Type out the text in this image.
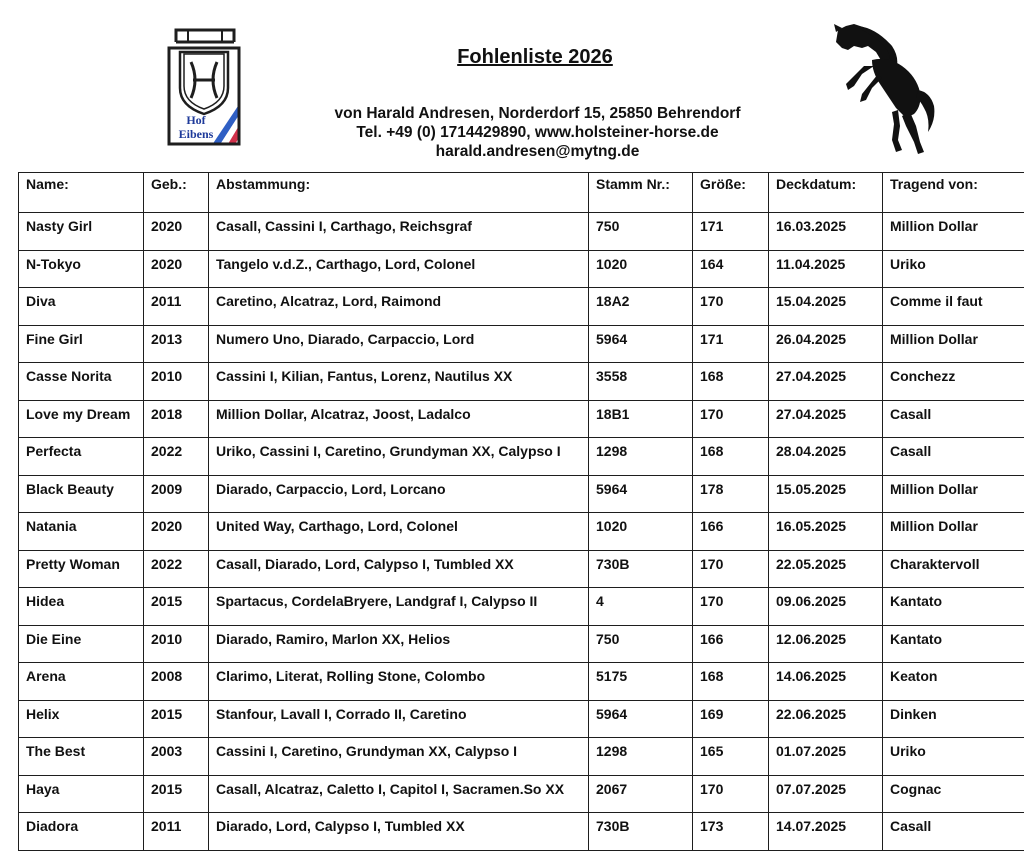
Hof
Eibens
Fohlenliste 2026
von Harald Andresen, Norderdorf 15, 25850 Behrendorf
Tel. +49 (0) 1714429890, www.holsteiner-horse.de
harald.andresen@mytng.de
Name:	Geb.:	Abstammung:	Stamm Nr.:	Größe:	Deckdatum:	Tragend von:
Nasty Girl	2020	Casall, Cassini I, Carthago, Reichsgraf	750	171	16.03.2025	Million Dollar
N-Tokyo	2020	Tangelo v.d.Z., Carthago, Lord, Colonel	1020	164	11.04.2025	Uriko
Diva	2011	Caretino, Alcatraz, Lord, Raimond	18A2	170	15.04.2025	Comme il faut
Fine Girl	2013	Numero Uno, Diarado, Carpaccio, Lord	5964	171	26.04.2025	Million Dollar
Casse Norita	2010	Cassini I, Kilian, Fantus, Lorenz, Nautilus XX	3558	168	27.04.2025	Conchezz
Love my Dream	2018	Million Dollar, Alcatraz, Joost, Ladalco	18B1	170	27.04.2025	Casall
Perfecta	2022	Uriko, Cassini I, Caretino, Grundyman XX, Calypso I	1298	168	28.04.2025	Casall
Black Beauty	2009	Diarado, Carpaccio, Lord, Lorcano	5964	178	15.05.2025	Million Dollar
Natania	2020	United Way, Carthago, Lord, Colonel	1020	166	16.05.2025	Million Dollar
Pretty Woman	2022	Casall, Diarado, Lord, Calypso I, Tumbled XX	730B	170	22.05.2025	Charaktervoll
Hidea	2015	Spartacus, CordelaBryere, Landgraf I, Calypso II	4	170	09.06.2025	Kantato
Die Eine	2010	Diarado, Ramiro, Marlon XX, Helios	750	166	12.06.2025	Kantato
Arena	2008	Clarimo, Literat, Rolling Stone, Colombo	5175	168	14.06.2025	Keaton
Helix	2015	Stanfour, Lavall I, Corrado II, Caretino	5964	169	22.06.2025	Dinken
The Best	2003	Cassini I, Caretino, Grundyman XX, Calypso I	1298	165	01.07.2025	Uriko
Haya	2015	Casall, Alcatraz, Caletto I, Capitol I, Sacramen.So XX	2067	170	07.07.2025	Cognac
Diadora	2011	Diarado, Lord, Calypso I, Tumbled XX	730B	173	14.07.2025	Casall
